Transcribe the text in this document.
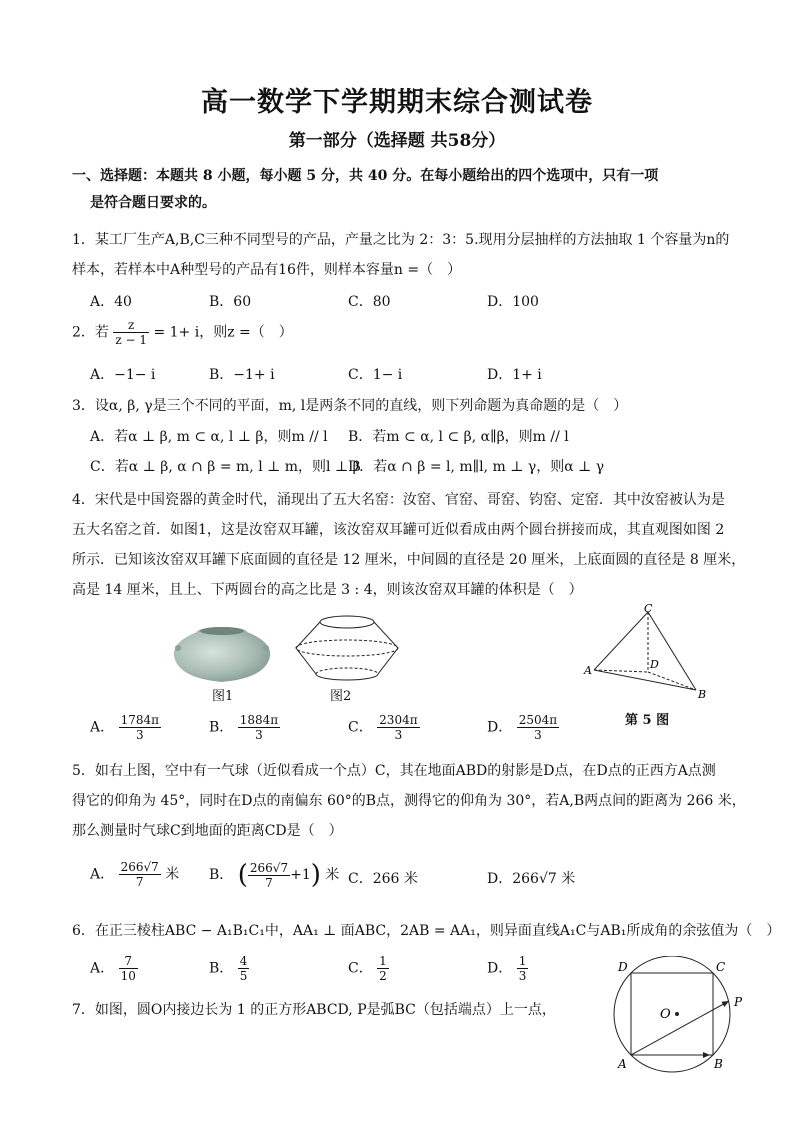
高一数学下学期期末综合测试卷
第一部分（选择题 共58分）
一、选择题：本题共 8 小题，每小题 5 分，共 40 分。在每小题给出的四个选项中，只有一项
是符合题日要求的。
1．某工厂生产A,B,C三种不同型号的产品，产量之比为 2：3：5.现用分层抽样的方法抽取 1 个容量为n的
样本，若样本中A种型号的产品有16件，则样本容量n =（　）
A．40	B．60	C．80	D．100
2．若 $\frac{z}{z - 1} = 1+ i$，则z =（　）
A．−1− i	B．−1+ i	C．1− i	D．1+ i
3．设α, β, γ是三个不同的平面，m, l是两条不同的直线，则下列命题为真命题的是（　）
A．若α ⊥ β, m ⊂ α, l ⊥ β，则m // l B．若m ⊂ α, l ⊂ β, α∥β，则m // l
C．若α ⊥ β, α ∩ β = m, l ⊥ m，则l ⊥ β
D．若α ∩ β = l, m∥l, m ⊥ γ，则α ⊥ γ
4．宋代是中国瓷器的黄金时代，涌现出了五大名窑：汝窑、官窑、哥窑、钧窑、定窑．其中汝窑被认为是
五大名窑之首．如图1，这是汝窑双耳罐，该汝窑双耳罐可近似看成由两个圆台拼接而成，其直观图如图 2
所示．已知该汝窑双耳罐下底面圆的直径是 12 厘米，中间圆的直径是 20 厘米，上底面圆的直径是 8 厘米，
高是 14 厘米，且上、下两圆台的高之比是 3 : 4，则该汝窑双耳罐的体积是（　）
图1	图2
C
A
B
D
第 5 图
A． $\frac{1784\pi}{3}$	B． $\frac{1884\pi}{3}$	C． $\frac{2304\pi}{3}$	D． $\frac{2504\pi}{3}$
5．如右上图，空中有一气球（近似看成一个点）C，其在地面ABD的射影是D点，在D点的正西方A点测
得它的仰角为 45°，同时在D点的南偏东 60°的B点，测得它的仰角为 30°，若A,B两点间的距离为 266 米，
那么测量时气球C到地面的距离CD是（　）
A． $\frac{266√7}{7}$ 米 B． ( $\frac{266√7}{7} +1$) 米 C．266 米	D．266√7 米
6．在正三棱柱ABC − A₁B₁C₁中，AA₁ ⊥ 面ABC，2AB = AA₁，则异面直线A₁C与AB₁所成角的余弦值为（　）
A． $\frac{7}{10}$	B． $\frac{4}{5}$	C． $\frac{1}{2}$	D． $\frac{1}{3}$
7．如图，圆O内接边长为 1 的正方形ABCD, P是弧BC（包括端点）上一点，
D	C
O
P
A	B
